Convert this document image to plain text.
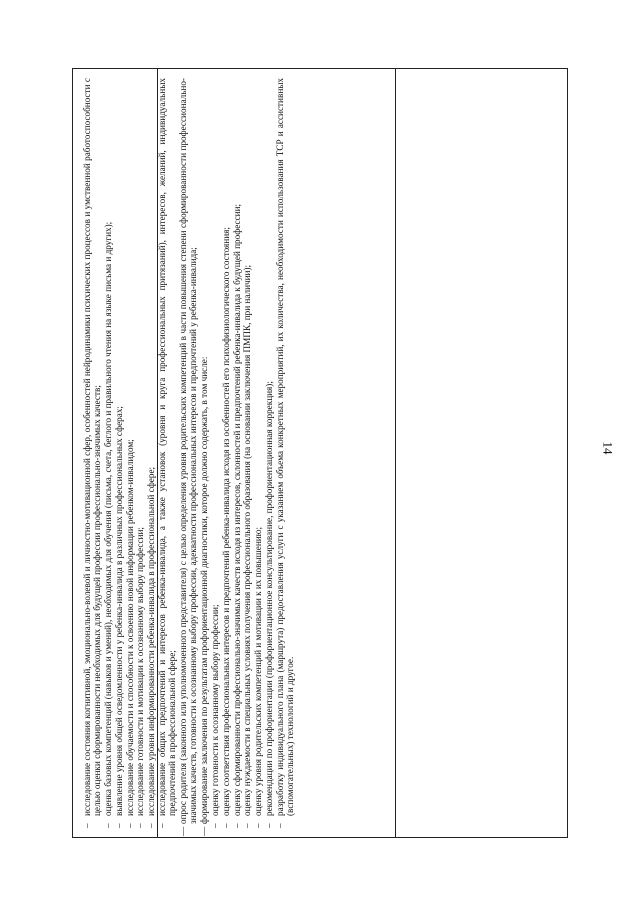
14
–
исследование состояния когнитивной, эмоционально-волевой и личностно-мотивационной сфер, особенностей нейродинамики психических процессов и умственной работоспособности с целью оценки сформированности необходимых для будущей профессии профессионально-значимых качеств;
–
оценка базовых компетенций (навыков и умений), необходимых для обучения (письма, счета, беглого и правильного чтения на языке письма и других);
–
выявление уровня общей осведомленности у ребенка-инвалида в различных профессиональных сферах;
–
исследование обучаемости и способности к освоению новой информации ребенком-инвалидом;
–
исследование готовности и мотивации к осознанному выбору профессии;
–
исследование уровня информированности ребенка-инвалида в профессиональной сфере;
–
исследование общих предпочтений и интересов ребенка-инвалида, а также установок (уровня и круга профессиональных притязаний), интересов, желаний, индивидуальных предпочтений в профессиональной сфере;
—
опрос родителя (законного или уполномоченного представителя) с целью определения уровня родительских компетенций в части повышения степени сформированности профессионально-значимых качеств, готовности к осознанному выбору профессии, адекватности профессиональных интересов и предпочтений у ребенка-инвалида;
—
формирование заключения по результатам профориентационной диагностики, которое должно содержать, в том числе:
–
оценку готовности к осознанному выбору профессии;
–
оценку соответствия профессиональных интересов и предпочтений ребенка-инвалида исходя из особенностей его психофизиологического состояния;
–
оценку сформированности профессионально-значимых качеств исходя из интересов, склонностей и предпочтений ребенка-инвалида к будущей профессии;
–
оценку нуждаемости в специальных условиях получения профессионального образования (на основании заключения ПМПК, при наличии);
–
оценку уровня родительских компетенций и мотивации к их повышению;
–
рекомендации по профориентации (профориентационное консультирование, профориентационная коррекция);
–
разработку индивидуального плана (маршрута) предоставления услуги с указанием объема конкретных мероприятий, их количества, необходимости использования ТСР и ассистивных (вспомогательных) технологий и другое.
